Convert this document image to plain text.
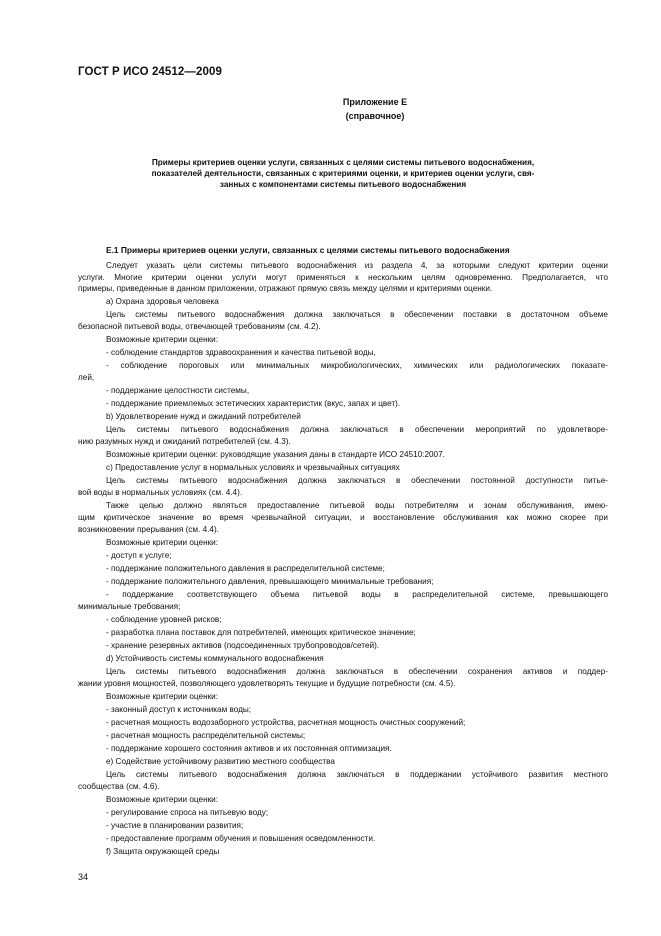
ГОСТ Р ИСО 24512—2009
Приложение Е
(справочное)
Примеры критериев оценки услуги, связанных с целями системы питьевого водоснабжения,
показателей деятельности, связанных с критериями оценки, и критериев оценки услуги, свя-
занных с компонентами системы питьевого водоснабжения
Е.1 Примеры критериев оценки услуги, связанных с целями системы питьевого водоснабжения
Следует указать цели системы питьевого водоснабжения из раздела 4, за которыми следуют критерии оценки
услуги. Многие критерии оценки услуги могут применяться к нескольким целям одновременно. Предполагается, что
примеры, приведенные в данном приложении, отражают прямую связь между целями и критериями оценки.
a) Охрана здоровья человека
Цель системы питьевого водоснабжения должна заключаться в обеспечении поставки в достаточном объеме
безопасной питьевой воды, отвечающей требованиям (см. 4.2).
Возможные критерии оценки:
- соблюдение стандартов здравоохранения и качества питьевой воды,
- соблюдение пороговых или минимальных микробиологических, химических или радиологических показате-
лей,
- поддержание целостности системы,
- поддержание приемлемых эстетических характеристик (вкус, запах и цвет).
b) Удовлетворение нужд и ожиданий потребителей
Цель системы питьевого водоснабжения должна заключаться в обеспечении мероприятий по удовлетворе-
нию разумных нужд и ожиданий потребителей (см. 4.3).
Возможные критерии оценки: руководящие указания даны в стандарте ИСО 24510:2007.
c) Предоставление услуг в нормальных условиях и чрезвычайных ситуациях
Цель системы питьевого водоснабжения должна заключаться в обеспечении постоянной доступности питье-
вой воды в нормальных условиях (см. 4.4).
Также целью должно являться предоставление питьевой воды потребителям и зонам обслуживания, имею-
щим критическое значение во время чрезвычайной ситуации, и восстановление обслуживания как можно скорее при
возникновении прерывания (см. 4.4).
Возможные критерии оценки:
- доступ к услуге;
- поддержание положительного давления в распределительной системе;
- поддержание положительного давления, превышающего минимальные требования;
- поддержание соответствующего объема питьевой воды в распределительной системе, превышающего
минимальные требования;
- соблюдение уровней рисков;
- разработка плана поставок для потребителей, имеющих критическое значение;
- хранение резервных активов (подсоединенных трубопроводов/сетей).
d) Устойчивость системы коммунального водоснабжения
Цель системы питьевого водоснабжения должна заключаться в обеспечении сохранения активов и поддер-
жании уровня мощностей, позволяющего удовлетворять текущие и будущие потребности (см. 4.5).
Возможные критерии оценки:
- законный доступ к источникам воды;
- расчетная мощность водозаборного устройства, расчетная мощность очистных сооружений;
- расчетная мощность распределительной системы;
- поддержание хорошего состояния активов и их постоянная оптимизация.
e) Содействие устойчивому развитию местного сообщества
Цель системы питьевого водоснабжения должна заключаться в поддержании устойчивого развития местного
сообщества (см. 4.6).
Возможные критерии оценки:
- регулирование спроса на питьевую воду;
- участие в планировании развития;
- предоставление программ обучения и повышения осведомленности.
f) Защита окружающей среды
34
